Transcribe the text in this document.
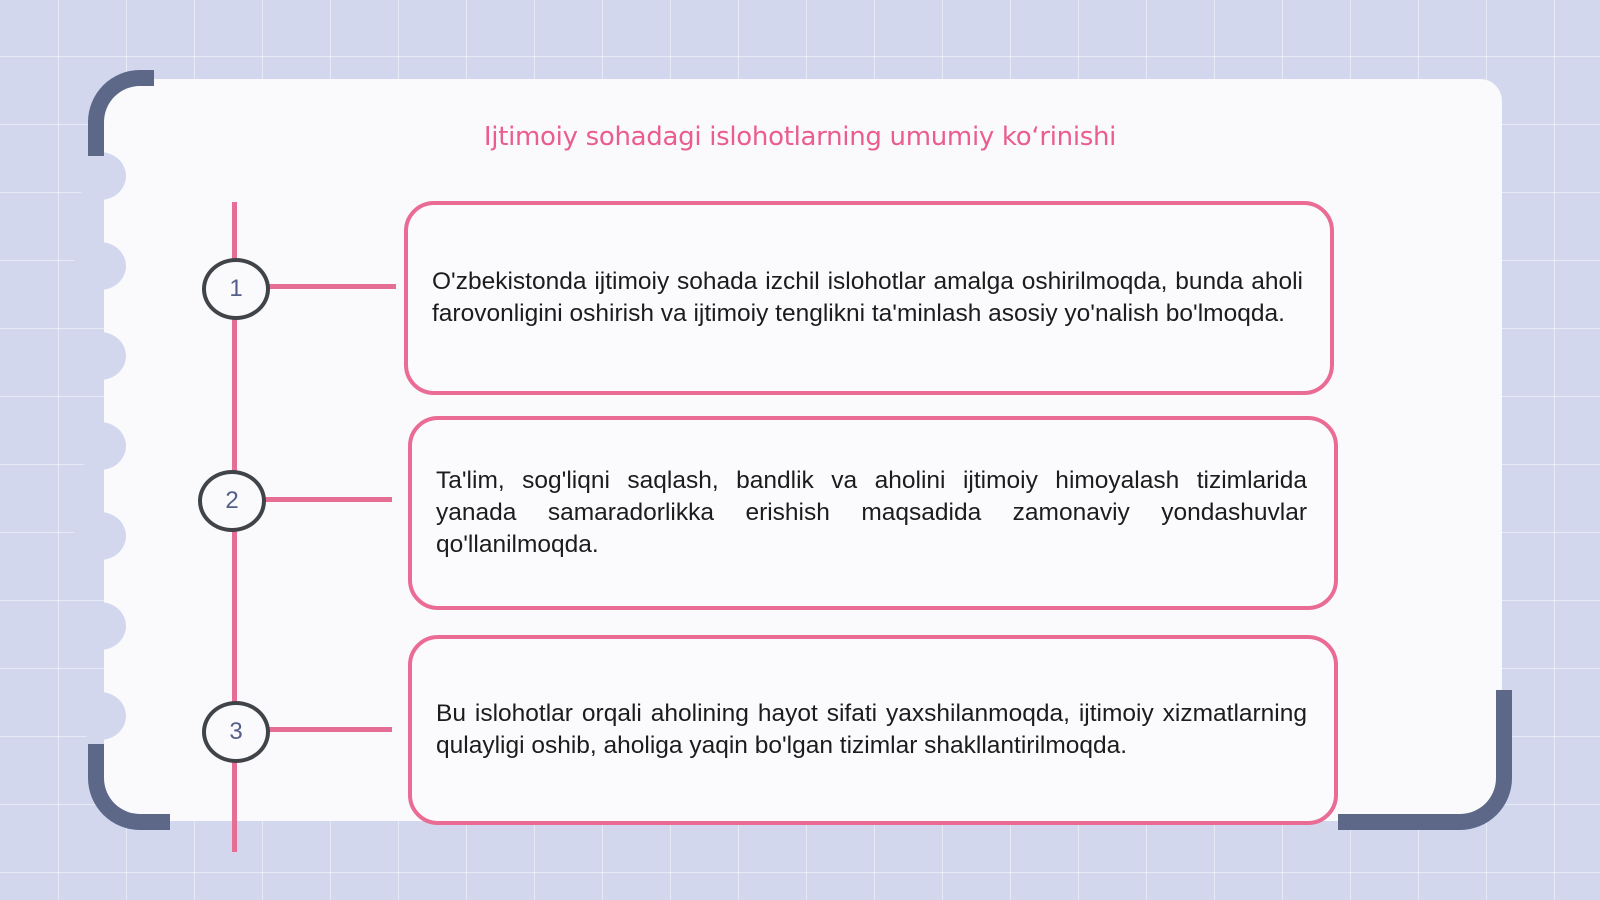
Ijtimoiy sohadagi islohotlarning umumiy koʻrinishi
1
2
3
O'zbekistonda ijtimoiy sohada izchil islohotlar amalga oshirilmoqda, bunda aholi farovonligini oshirish va ijtimoiy tenglikni ta'minlash asosiy yo'nalish bo'lmoqda.
Ta'lim, sog'liqni saqlash, bandlik va aholini ijtimoiy himoyalash tizimlarida yanada samaradorlikka erishish maqsadida zamonaviy yondashuvlar qo'llanilmoqda.
Bu islohotlar orqali aholining hayot sifati yaxshilanmoqda, ijtimoiy xizmatlarning qulayligi oshib, aholiga yaqin bo'lgan tizimlar shakllantirilmoqda.
